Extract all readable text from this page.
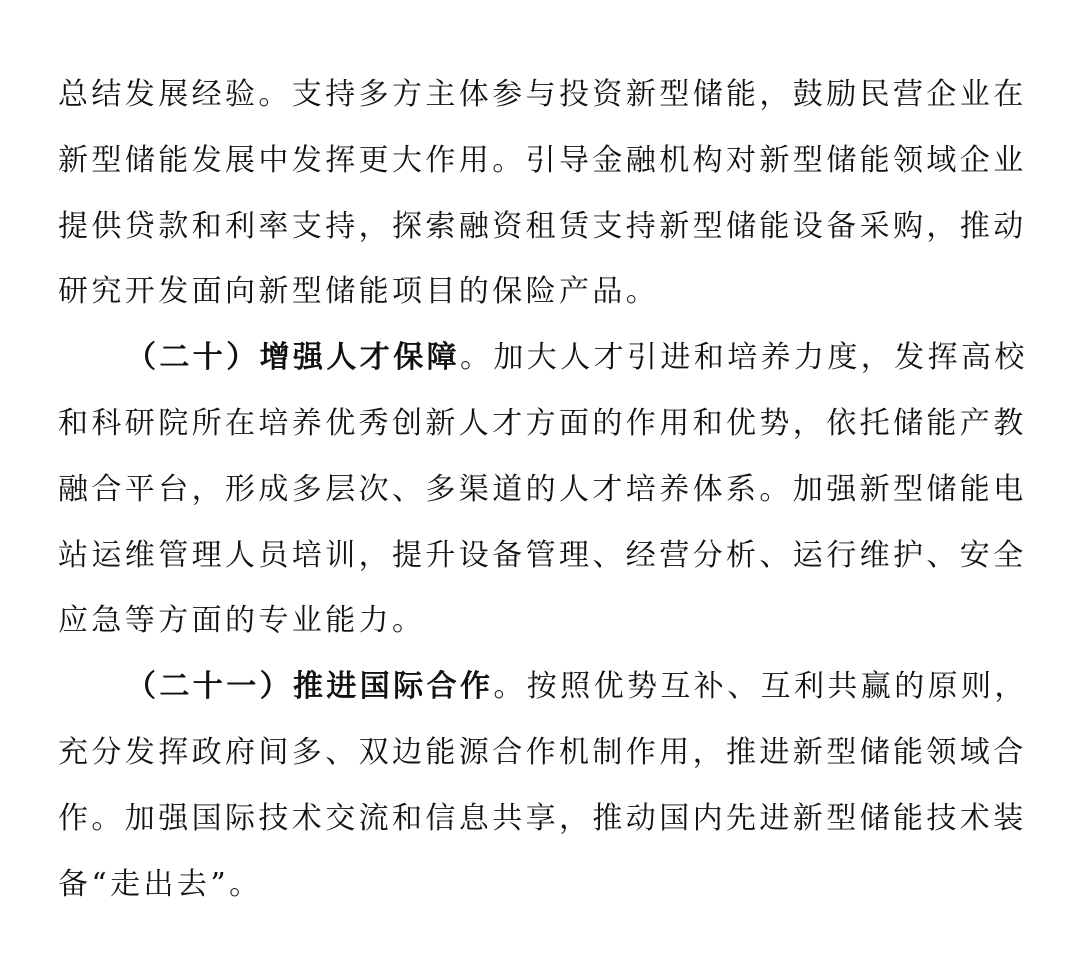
总结发展经验。支持多方主体参与投资新型储能，鼓励民营企业在
新型储能发展中发挥更大作用。引导金融机构对新型储能领域企业
提供贷款和利率支持，探索融资租赁支持新型储能设备采购，推动
研究开发面向新型储能项目的保险产品。

（二十）增强人才保障。加大人才引进和培养力度，发挥高校
和科研院所在培养优秀创新人才方面的作用和优势，依托储能产教
融合平台，形成多层次、多渠道的人才培养体系。加强新型储能电
站运维管理人员培训，提升设备管理、经营分析、运行维护、安全
应急等方面的专业能力。

（二十一）推进国际合作。按照优势互补、互利共赢的原则，
充分发挥政府间多、双边能源合作机制作用，推进新型储能领域合
作。加强国际技术交流和信息共享，推动国内先进新型储能技术装
备“走出去”。
